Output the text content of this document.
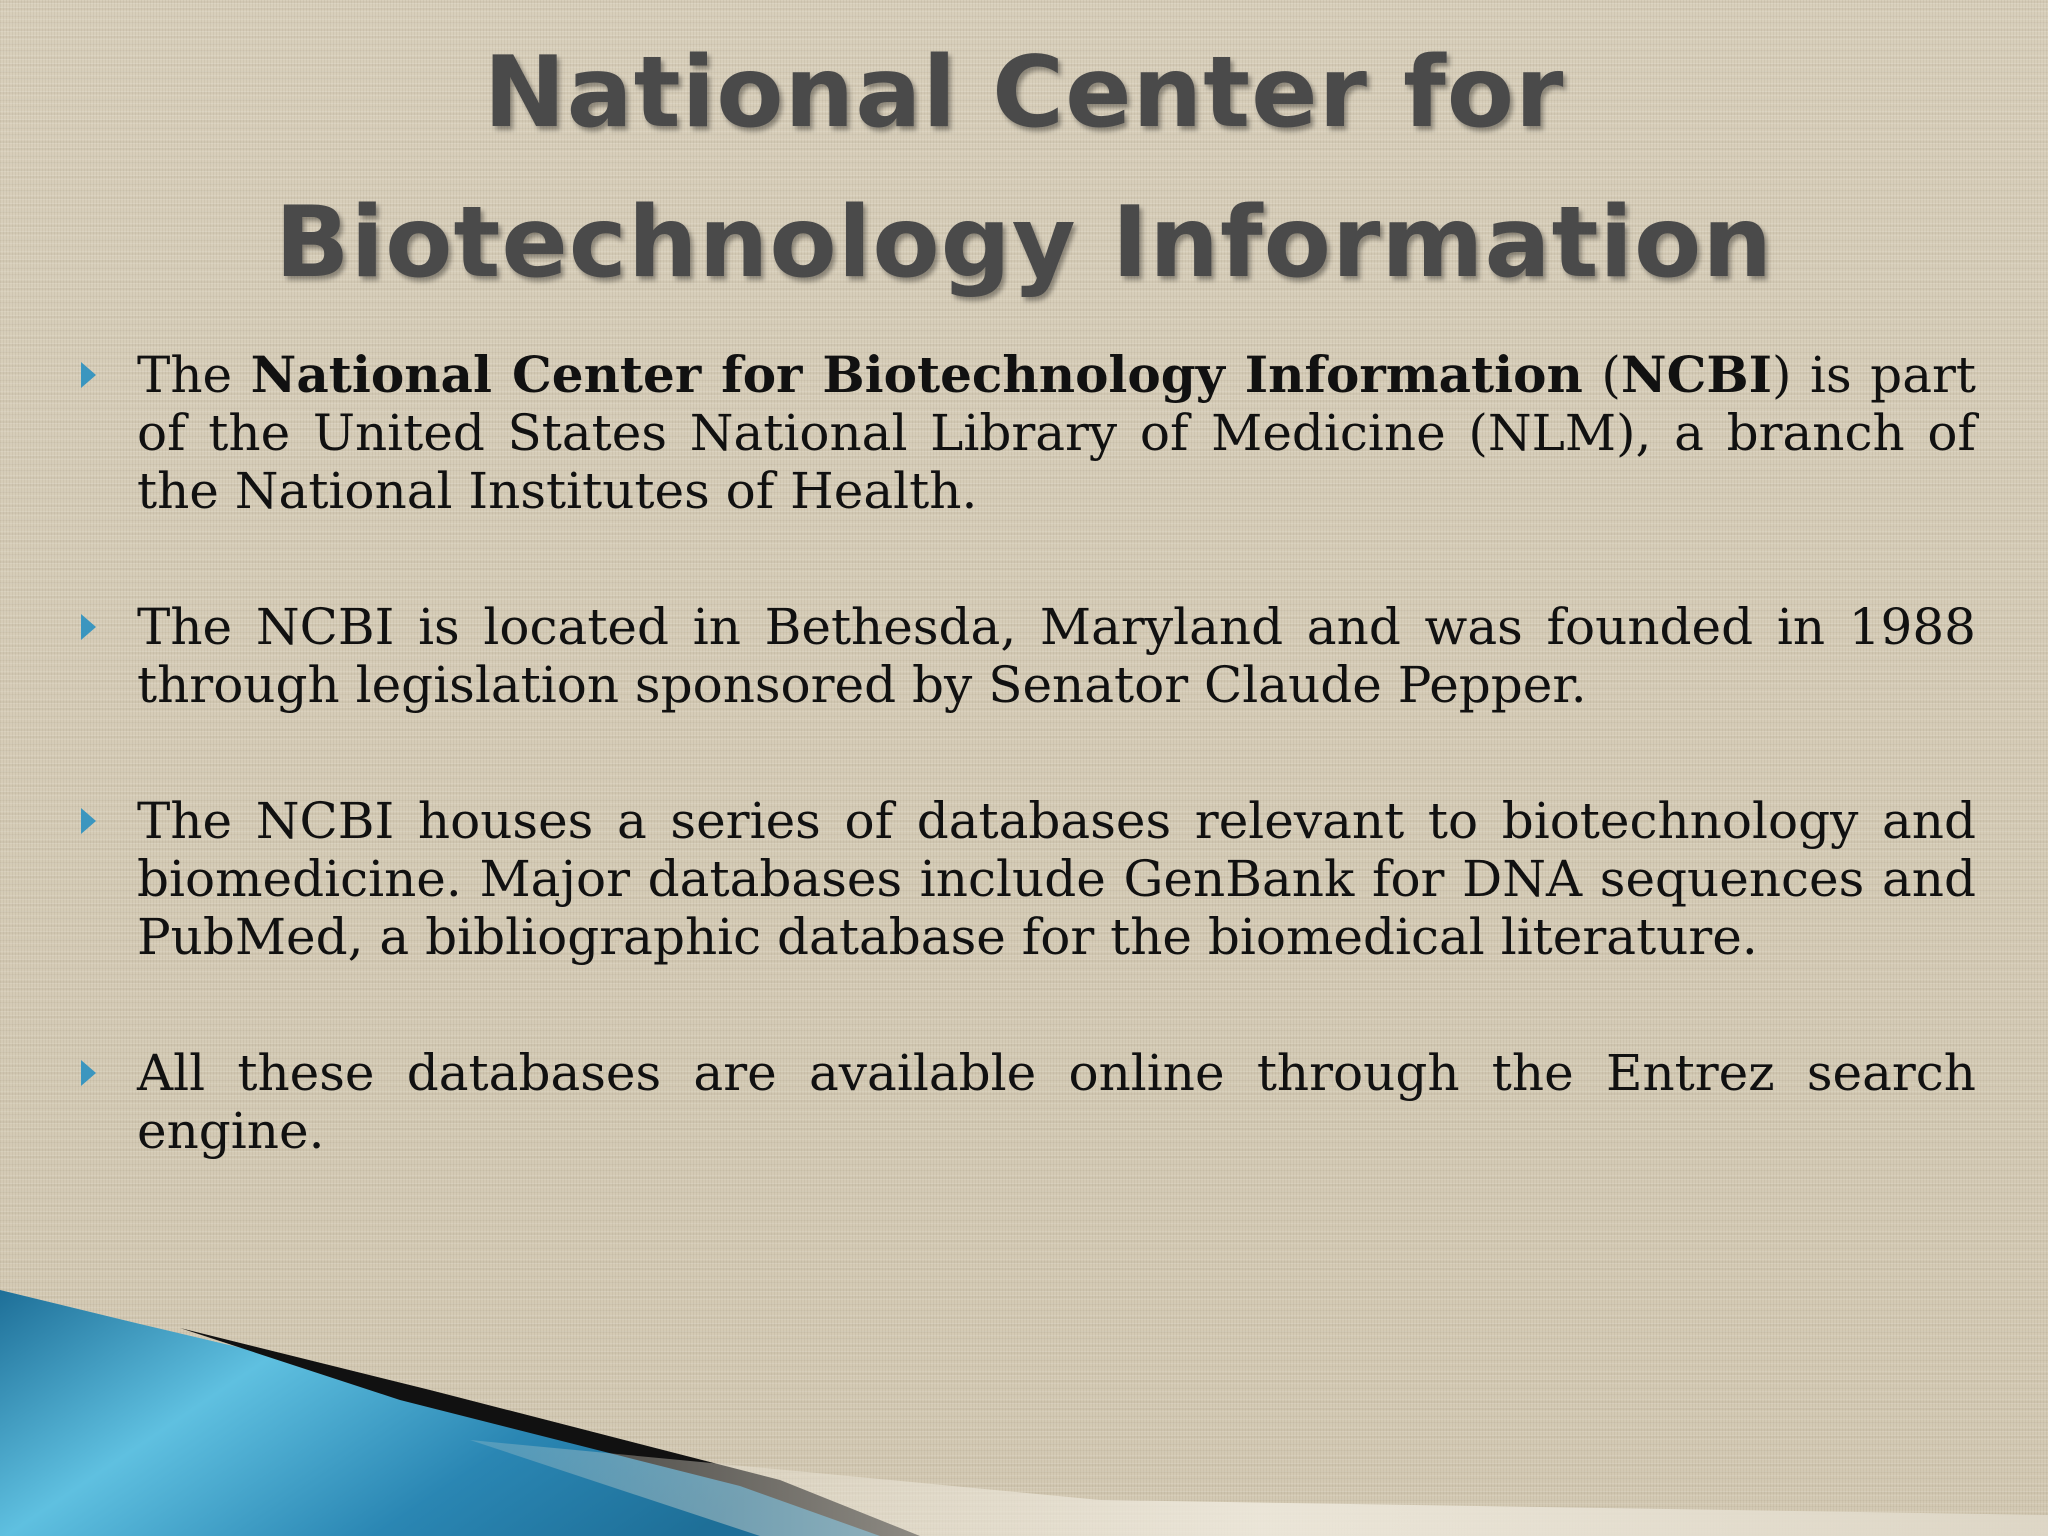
National Center for Biotechnology Information
The National Center for Biotechnology Information (NCBI) is part of the United States National Library of Medicine (NLM), a branch of the National Institutes of Health.
The NCBI is located in Bethesda, Maryland and was founded in 1988 through legislation sponsored by Senator Claude Pepper.
The NCBI houses a series of databases relevant to biotechnology and biomedicine. Major databases include GenBank for DNA sequences and PubMed, a bibliographic database for the biomedical literature.
All these databases are available online through the Entrez search engine.
